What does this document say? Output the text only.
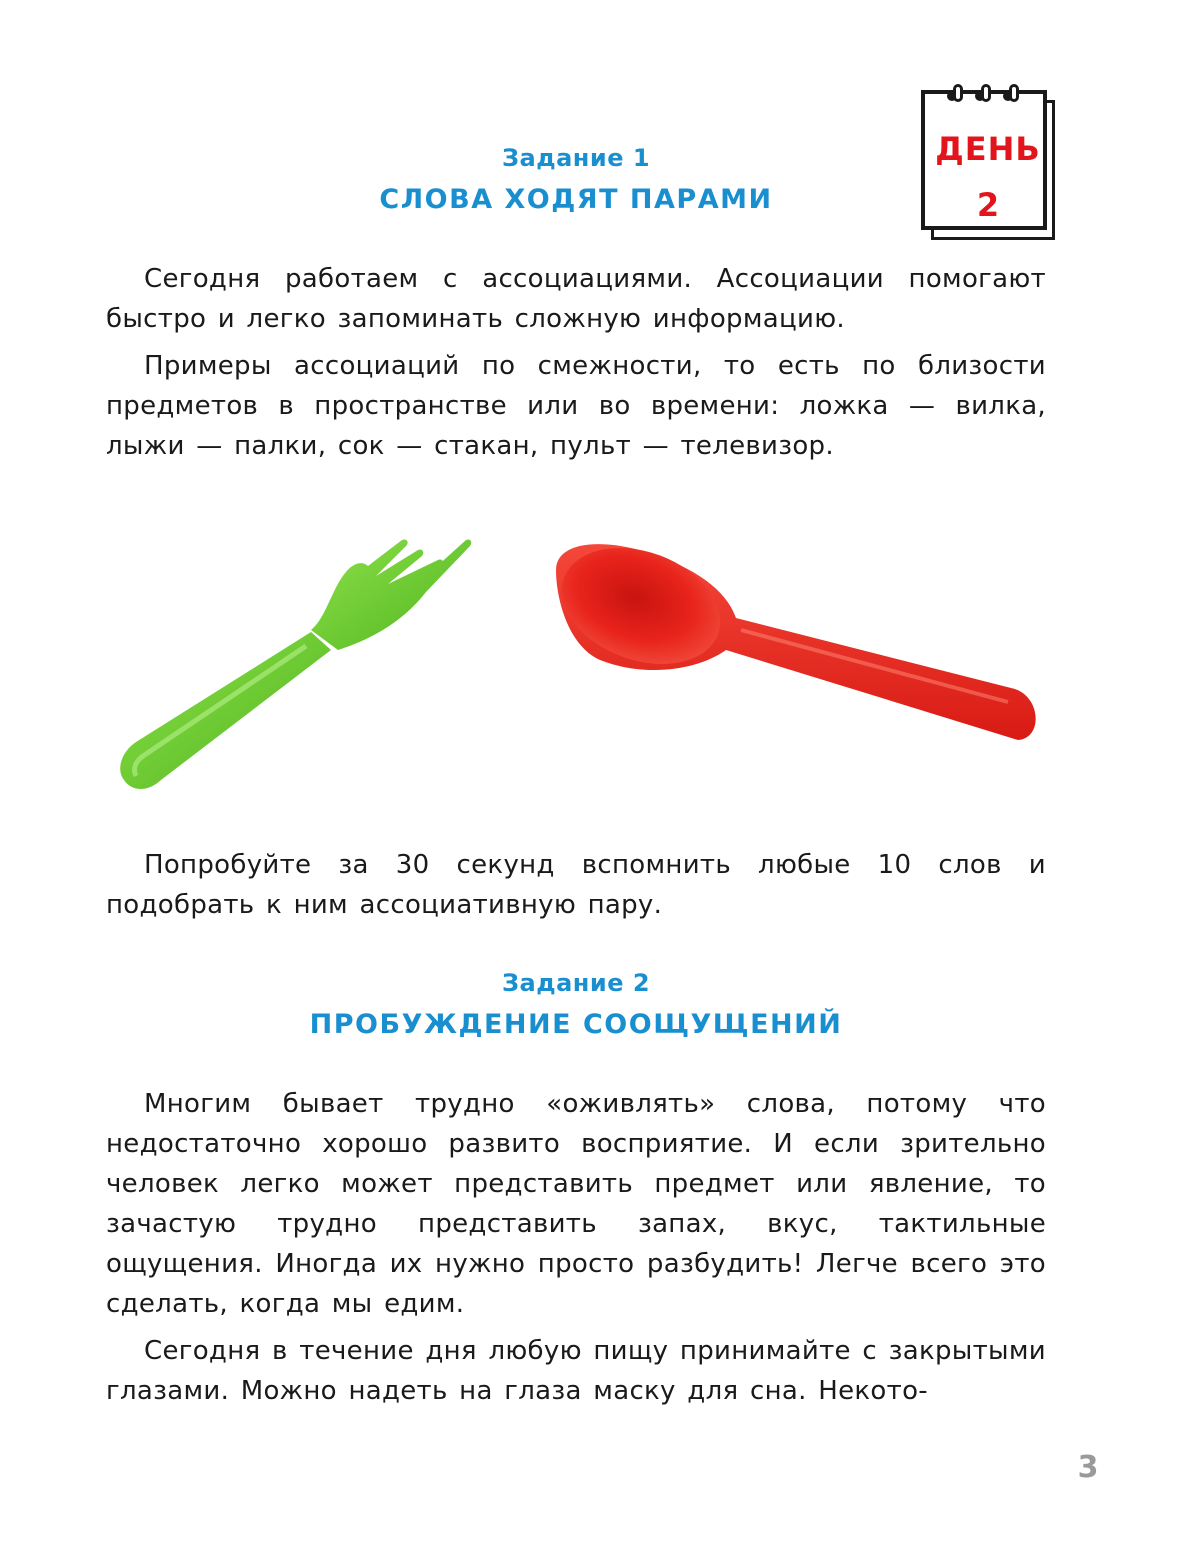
ДЕНЬ
2
Задание 1
СЛОВА ХОДЯТ ПАРАМИ

Сегодня работаем с ассоциациями. Ассоциации помогают быстро и легко запоминать сложную информацию.

Примеры ассоциаций по смежности, то есть по близости предметов в пространстве или во времени: ложка — вилка, лыжи — палки, сок — стакан, пульт — телевизор.

Попробуйте за 30 секунд вспомнить любые 10 слов и подобрать к ним ассоциативную пару.

Задание 2
ПРОБУЖДЕНИЕ СООЩУЩЕНИЙ

Многим бывает трудно «оживлять» слова, потому что недостаточно хорошо развито восприятие. И если зрительно человек легко может представить предмет или явление, то зачастую трудно представить запах, вкус, тактильные ощущения. Иногда их нужно просто разбудить! Легче всего это сделать, когда мы едим.

Сегодня в течение дня любую пищу принимайте с закрытыми глазами. Можно надеть на глаза маску для сна. Некото-

3
